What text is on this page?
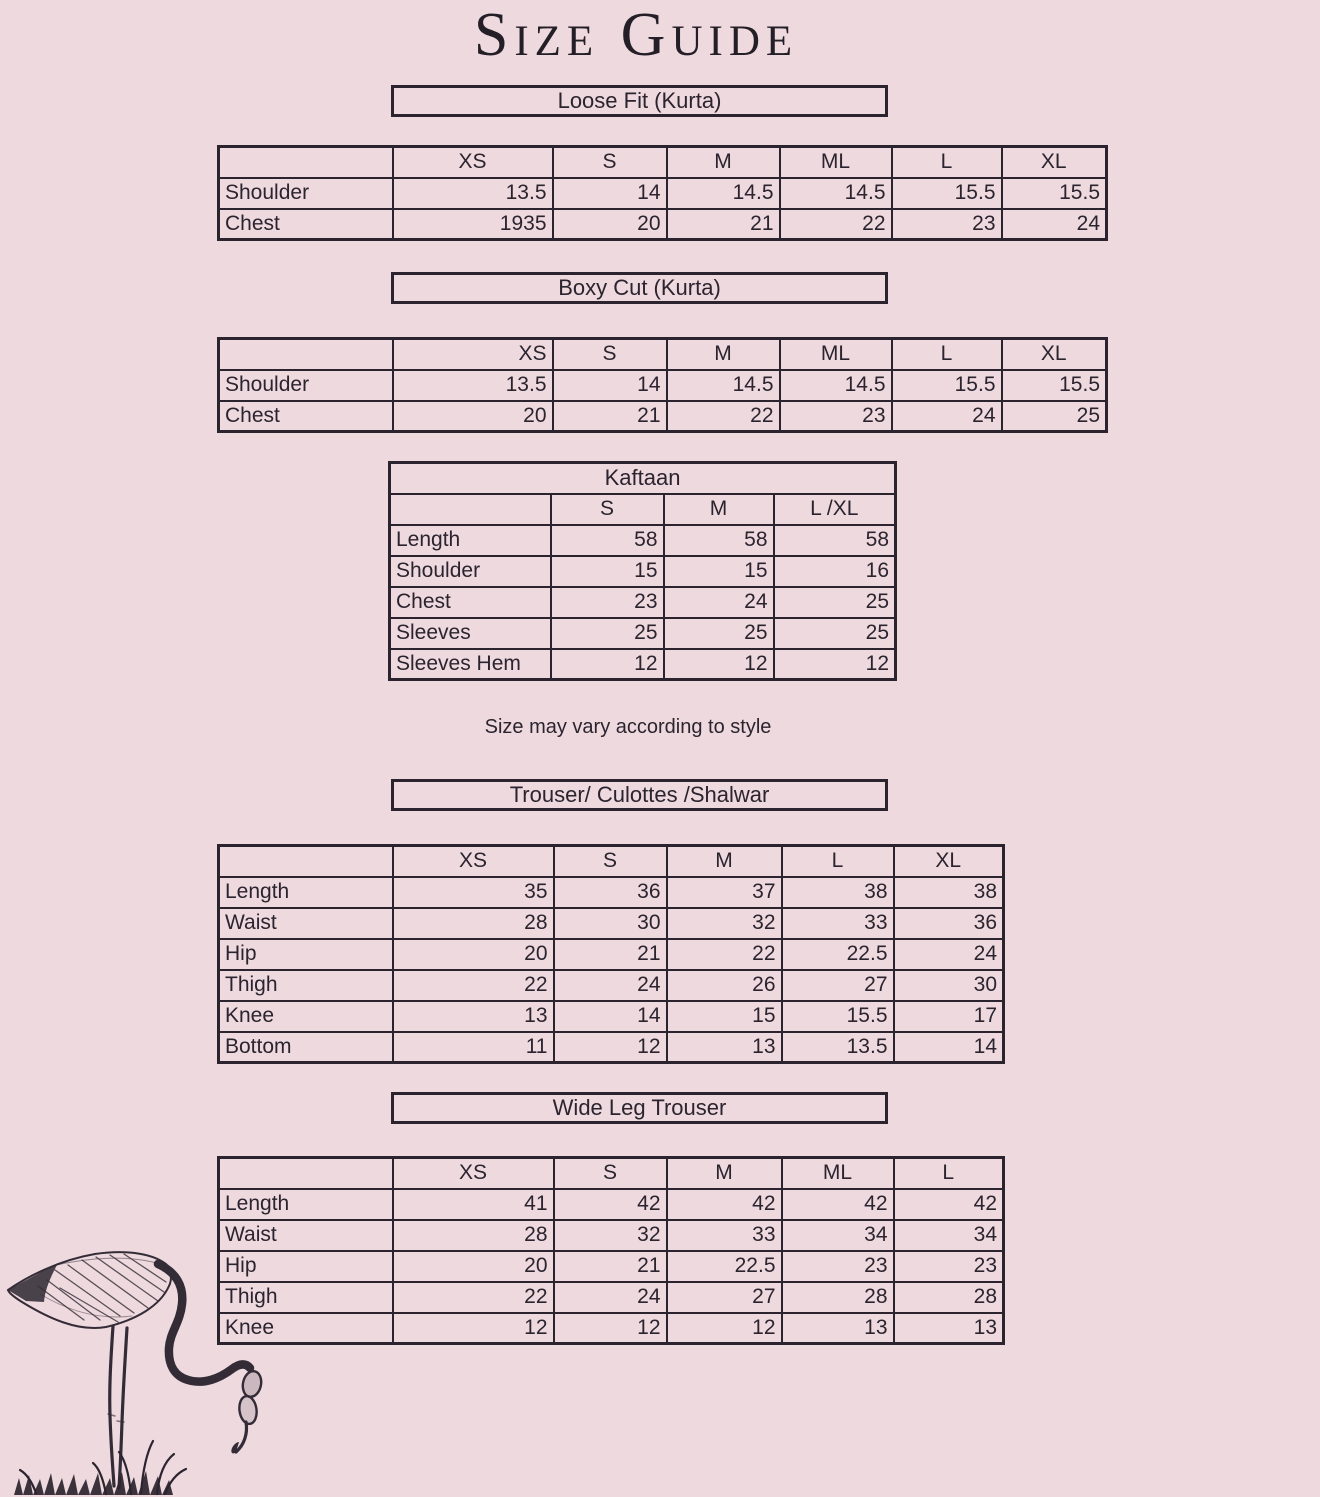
Size Guide
Loose Fit (Kurta)
	XS	S	M	ML	L	XL
Shoulder	13.5	14	14.5	14.5	15.5	15.5
Chest	1935	20	21	22	23	24
Boxy Cut (Kurta)
	XS	S	M	ML	L	XL
Shoulder	13.5	14	14.5	14.5	15.5	15.5
Chest	20	21	22	23	24	25
Kaftaan			
	S	M	L /XL
Length	58	58	58
Shoulder	15	15	16
Chest	23	24	25
Sleeves	25	25	25
Sleeves Hem	12	12	12
Size may vary according to style
Trouser/ Culottes /Shalwar
	XS	S	M	L	XL
Length	35	36	37	38	38
Waist	28	30	32	33	36
Hip	20	21	22	22.5	24
Thigh	22	24	26	27	30
Knee	13	14	15	15.5	17
Bottom	11	12	13	13.5	14
Wide Leg Trouser
	XS	S	M	ML	L
Length	41	42	42	42	42
Waist	28	32	33	34	34
Hip	20	21	22.5	23	23
Thigh	22	24	27	28	28
Knee	12	12	12	13	13
